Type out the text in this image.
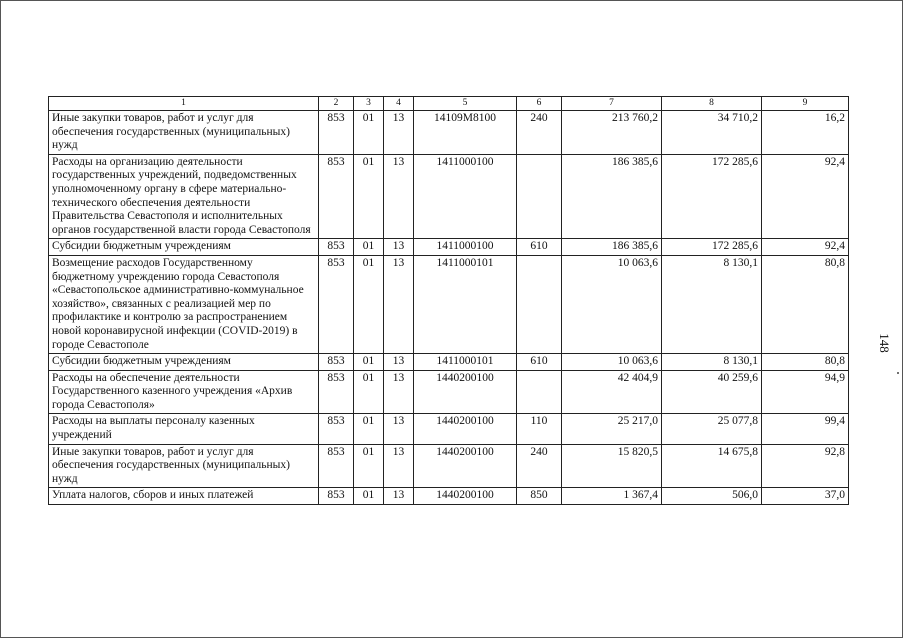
1	2	3	4	5	6	7	8	9
Иные закупки товаров, работ и услуг для обеспечения государственных (муниципальных) нужд	853	01	13	14109M8100	240	213 760,2	34 710,2	16,2
Расходы на организацию деятельности государственных учреждений, подведомственных уполномоченному органу в сфере материально-технического обеспечения деятельности Правительства Севастополя и исполнительных органов государственной власти города Севастополя	853	01	13	1411000100		186 385,6	172 285,6	92,4
Субсидии бюджетным учреждениям	853	01	13	1411000100	610	186 385,6	172 285,6	92,4
Возмещение расходов Государственному бюджетному учреждению города Севастополя «Севастопольское административно-коммунальное хозяйство», связанных с реализацией мер по профилактике и контролю за распространением новой коронавирусной инфекции (COVID-2019) в городе Севастополе	853	01	13	1411000101		10 063,6	8 130,1	80,8
Субсидии бюджетным учреждениям	853	01	13	1411000101	610	10 063,6	8 130,1	80,8
Расходы на обеспечение деятельности Государственного казенного учреждения «Архив города Севастополя»	853	01	13	1440200100		42 404,9	40 259,6	94,9
Расходы на выплаты персоналу казенных учреждений	853	01	13	1440200100	110	25 217,0	25 077,8	99,4
Иные закупки товаров, работ и услуг для обеспечения государственных (муниципальных) нужд	853	01	13	1440200100	240	15 820,5	14 675,8	92,8
Уплата налогов, сборов и иных платежей	853	01	13	1440200100	850	1 367,4	506,0	37,0
148
